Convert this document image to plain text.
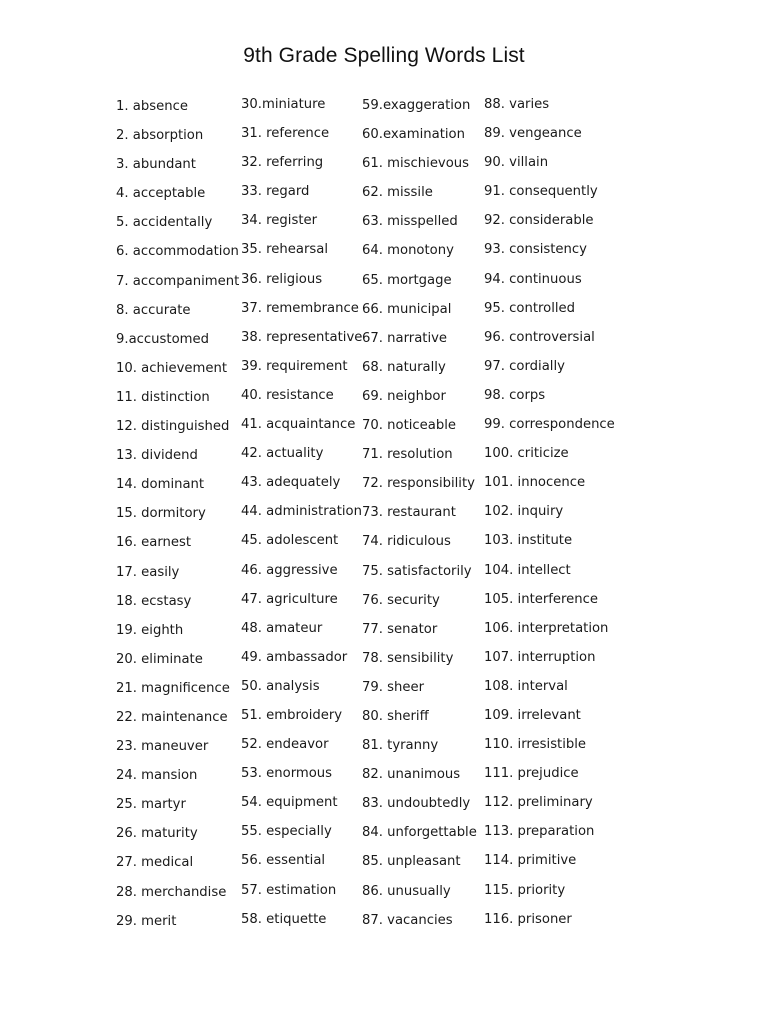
9th Grade Spelling Words List
1. absence
2. absorption
3. abundant
4. acceptable
5. accidentally
6. accommodation
7. accompaniment
8. accurate
9.accustomed
10. achievement
11. distinction
12. distinguished
13. dividend
14. dominant
15. dormitory
16. earnest
17. easily
18. ecstasy
19. eighth
20. eliminate
21. magnificence
22. maintenance
23. maneuver
24. mansion
25. martyr
26. maturity
27. medical
28. merchandise
29. merit
30.miniature
31. reference
32. referring
33. regard
34. register
35. rehearsal
36. religious
37. remembrance
38. representative
39. requirement
40. resistance
41. acquaintance
42. actuality
43. adequately
44. administration
45. adolescent
46. aggressive
47. agriculture
48. amateur
49. ambassador
50. analysis
51. embroidery
52. endeavor
53. enormous
54. equipment
55. especially
56. essential
57. estimation
58. etiquette
59.exaggeration
60.examination
61. mischievous
62. missile
63. misspelled
64. monotony
65. mortgage
66. municipal
67. narrative
68. naturally
69. neighbor
70. noticeable
71. resolution
72. responsibility
73. restaurant
74. ridiculous
75. satisfactorily
76. security
77. senator
78. sensibility
79. sheer
80. sheriff
81. tyranny
82. unanimous
83. undoubtedly
84. unforgettable
85. unpleasant
86. unusually
87. vacancies
88. varies
89. vengeance
90. villain
91. consequently
92. considerable
93. consistency
94. continuous
95. controlled
96. controversial
97. cordially
98. corps
99. correspondence
100. criticize
101. innocence
102. inquiry
103. institute
104. intellect
105. interference
106. interpretation
107. interruption
108. interval
109. irrelevant
110. irresistible
111. prejudice
112. preliminary
113. preparation
114. primitive
115. priority
116. prisoner
